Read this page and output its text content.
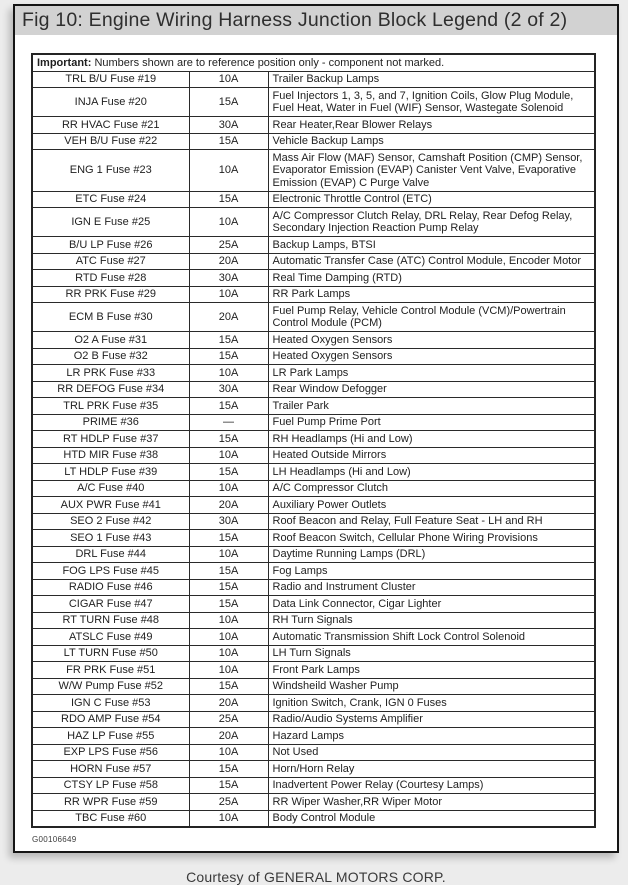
Fig 10: Engine Wiring Harness Junction Block Legend (2 of 2)
Important: Numbers shown are to reference position only - component not marked.		
TRL B/U Fuse #19	10A	Trailer Backup Lamps
INJA Fuse #20	15A	Fuel Injectors 1, 3, 5, and 7, Ignition Coils, Glow Plug Module, Fuel Heat, Water in Fuel (WIF) Sensor, Wastegate Solenoid
RR HVAC Fuse #21	30A	Rear Heater,Rear Blower Relays
VEH B/U Fuse #22	15A	Vehicle Backup Lamps
ENG 1 Fuse #23	10A	Mass Air Flow (MAF) Sensor, Camshaft Position (CMP) Sensor, Evaporator Emission (EVAP) Canister Vent Valve, Evaporative Emission (EVAP) C Purge Valve
ETC Fuse #24	15A	Electronic Throttle Control (ETC)
IGN E Fuse #25	10A	A/C Compressor Clutch Relay, DRL Relay, Rear Defog Relay, Secondary Injection Reaction Pump Relay
B/U LP Fuse #26	25A	Backup Lamps, BTSI
ATC Fuse #27	20A	Automatic Transfer Case (ATC) Control Module, Encoder Motor
RTD Fuse #28	30A	Real Time Damping (RTD)
RR PRK Fuse #29	10A	RR Park Lamps
ECM B Fuse #30	20A	Fuel Pump Relay, Vehicle Control Module (VCM)/Powertrain Control Module (PCM)
O2 A Fuse #31	15A	Heated Oxygen Sensors
O2 B Fuse #32	15A	Heated Oxygen Sensors
LR PRK Fuse #33	10A	LR Park Lamps
RR DEFOG Fuse #34	30A	Rear Window Defogger
TRL PRK Fuse #35	15A	Trailer Park
PRIME #36	—	Fuel Pump Prime Port
RT HDLP Fuse #37	15A	RH Headlamps (Hi and Low)
HTD MIR Fuse #38	10A	Heated Outside Mirrors
LT HDLP Fuse #39	15A	LH Headlamps (Hi and Low)
A/C Fuse #40	10A	A/C Compressor Clutch
AUX PWR Fuse #41	20A	Auxiliary Power Outlets
SEO 2 Fuse #42	30A	Roof Beacon and Relay, Full Feature Seat - LH and RH
SEO 1 Fuse #43	15A	Roof Beacon Switch, Cellular Phone Wiring Provisions
DRL Fuse #44	10A	Daytime Running Lamps (DRL)
FOG LPS Fuse #45	15A	Fog Lamps
RADIO Fuse #46	15A	Radio and Instrument Cluster
CIGAR Fuse #47	15A	Data Link Connector, Cigar Lighter
RT TURN Fuse #48	10A	RH Turn Signals
ATSLC Fuse #49	10A	Automatic Transmission Shift Lock Control Solenoid
LT TURN Fuse #50	10A	LH Turn Signals
FR PRK Fuse #51	10A	Front Park Lamps
W/W Pump Fuse #52	15A	Windsheild Washer Pump
IGN C Fuse #53	20A	Ignition Switch, Crank, IGN 0 Fuses
RDO AMP Fuse #54	25A	Radio/Audio Systems Amplifier
HAZ LP Fuse #55	20A	Hazard Lamps
EXP LPS Fuse #56	10A	Not Used
HORN Fuse #57	15A	Horn/Horn Relay
CTSY LP Fuse #58	15A	Inadvertent Power Relay (Courtesy Lamps)
RR WPR Fuse #59	25A	RR Wiper Washer,RR Wiper Motor
TBC Fuse #60	10A	Body Control Module
G00106649
Courtesy of GENERAL MOTORS CORP.
